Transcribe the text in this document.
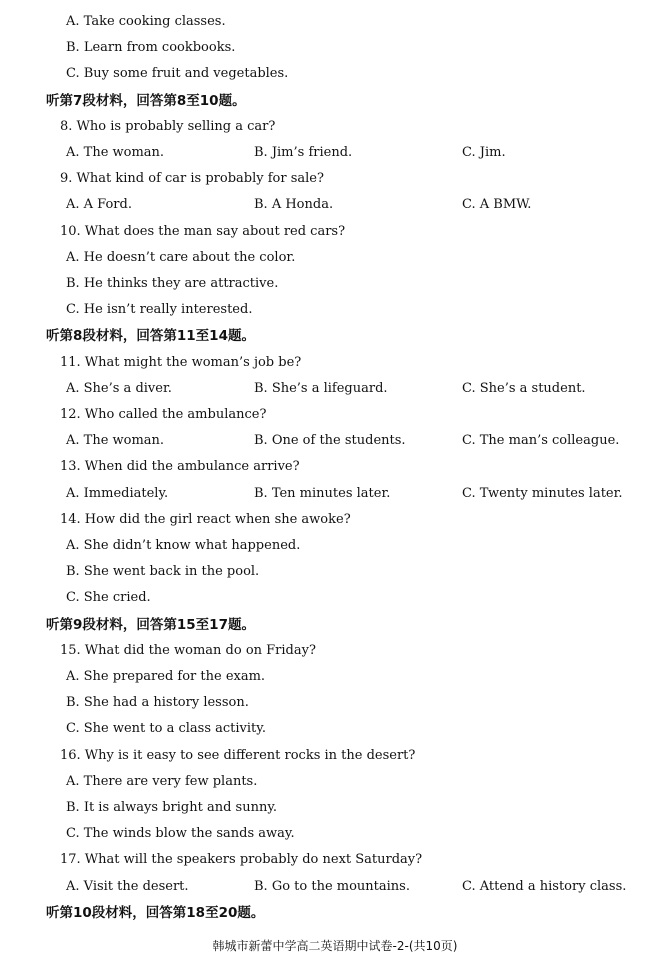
A. Take cooking classes.
B. Learn from cookbooks.
C. Buy some fruit and vegetables.
听第7段材料，回答第8至10题。
8. Who is probably selling a car?
A. The woman.	B. Jim’s friend.	C. Jim.
9. What kind of car is probably for sale?
A. A Ford.	B. A Honda.	C. A BMW.
10. What does the man say about red cars?
A. He doesn’t care about the color.
B. He thinks they are attractive.
C. He isn’t really interested.
听第8段材料，回答第11至14题。
11. What might the woman’s job be?
A. She’s a diver.	B. She’s a lifeguard.	C. She’s a student.
12. Who called the ambulance?
A. The woman.	B. One of the students.	C. The man’s colleague.
13. When did the ambulance arrive?
A. Immediately.	B. Ten minutes later.	C. Twenty minutes later.
14. How did the girl react when she awoke?
A. She didn’t know what happened.
B. She went back in the pool.
C. She cried.
听第9段材料，回答第15至17题。
15. What did the woman do on Friday?
A. She prepared for the exam.
B. She had a history lesson.
C. She went to a class activity.
16. Why is it easy to see different rocks in the desert?
A. There are very few plants.
B. It is always bright and sunny.
C. The winds blow the sands away.
17. What will the speakers probably do next Saturday?
A. Visit the desert.	B. Go to the mountains.	C. Attend a history class.
听第10段材料，回答第18至20题。
韩城市新蕾中学高二英语期中试卷-2-(共10页)
